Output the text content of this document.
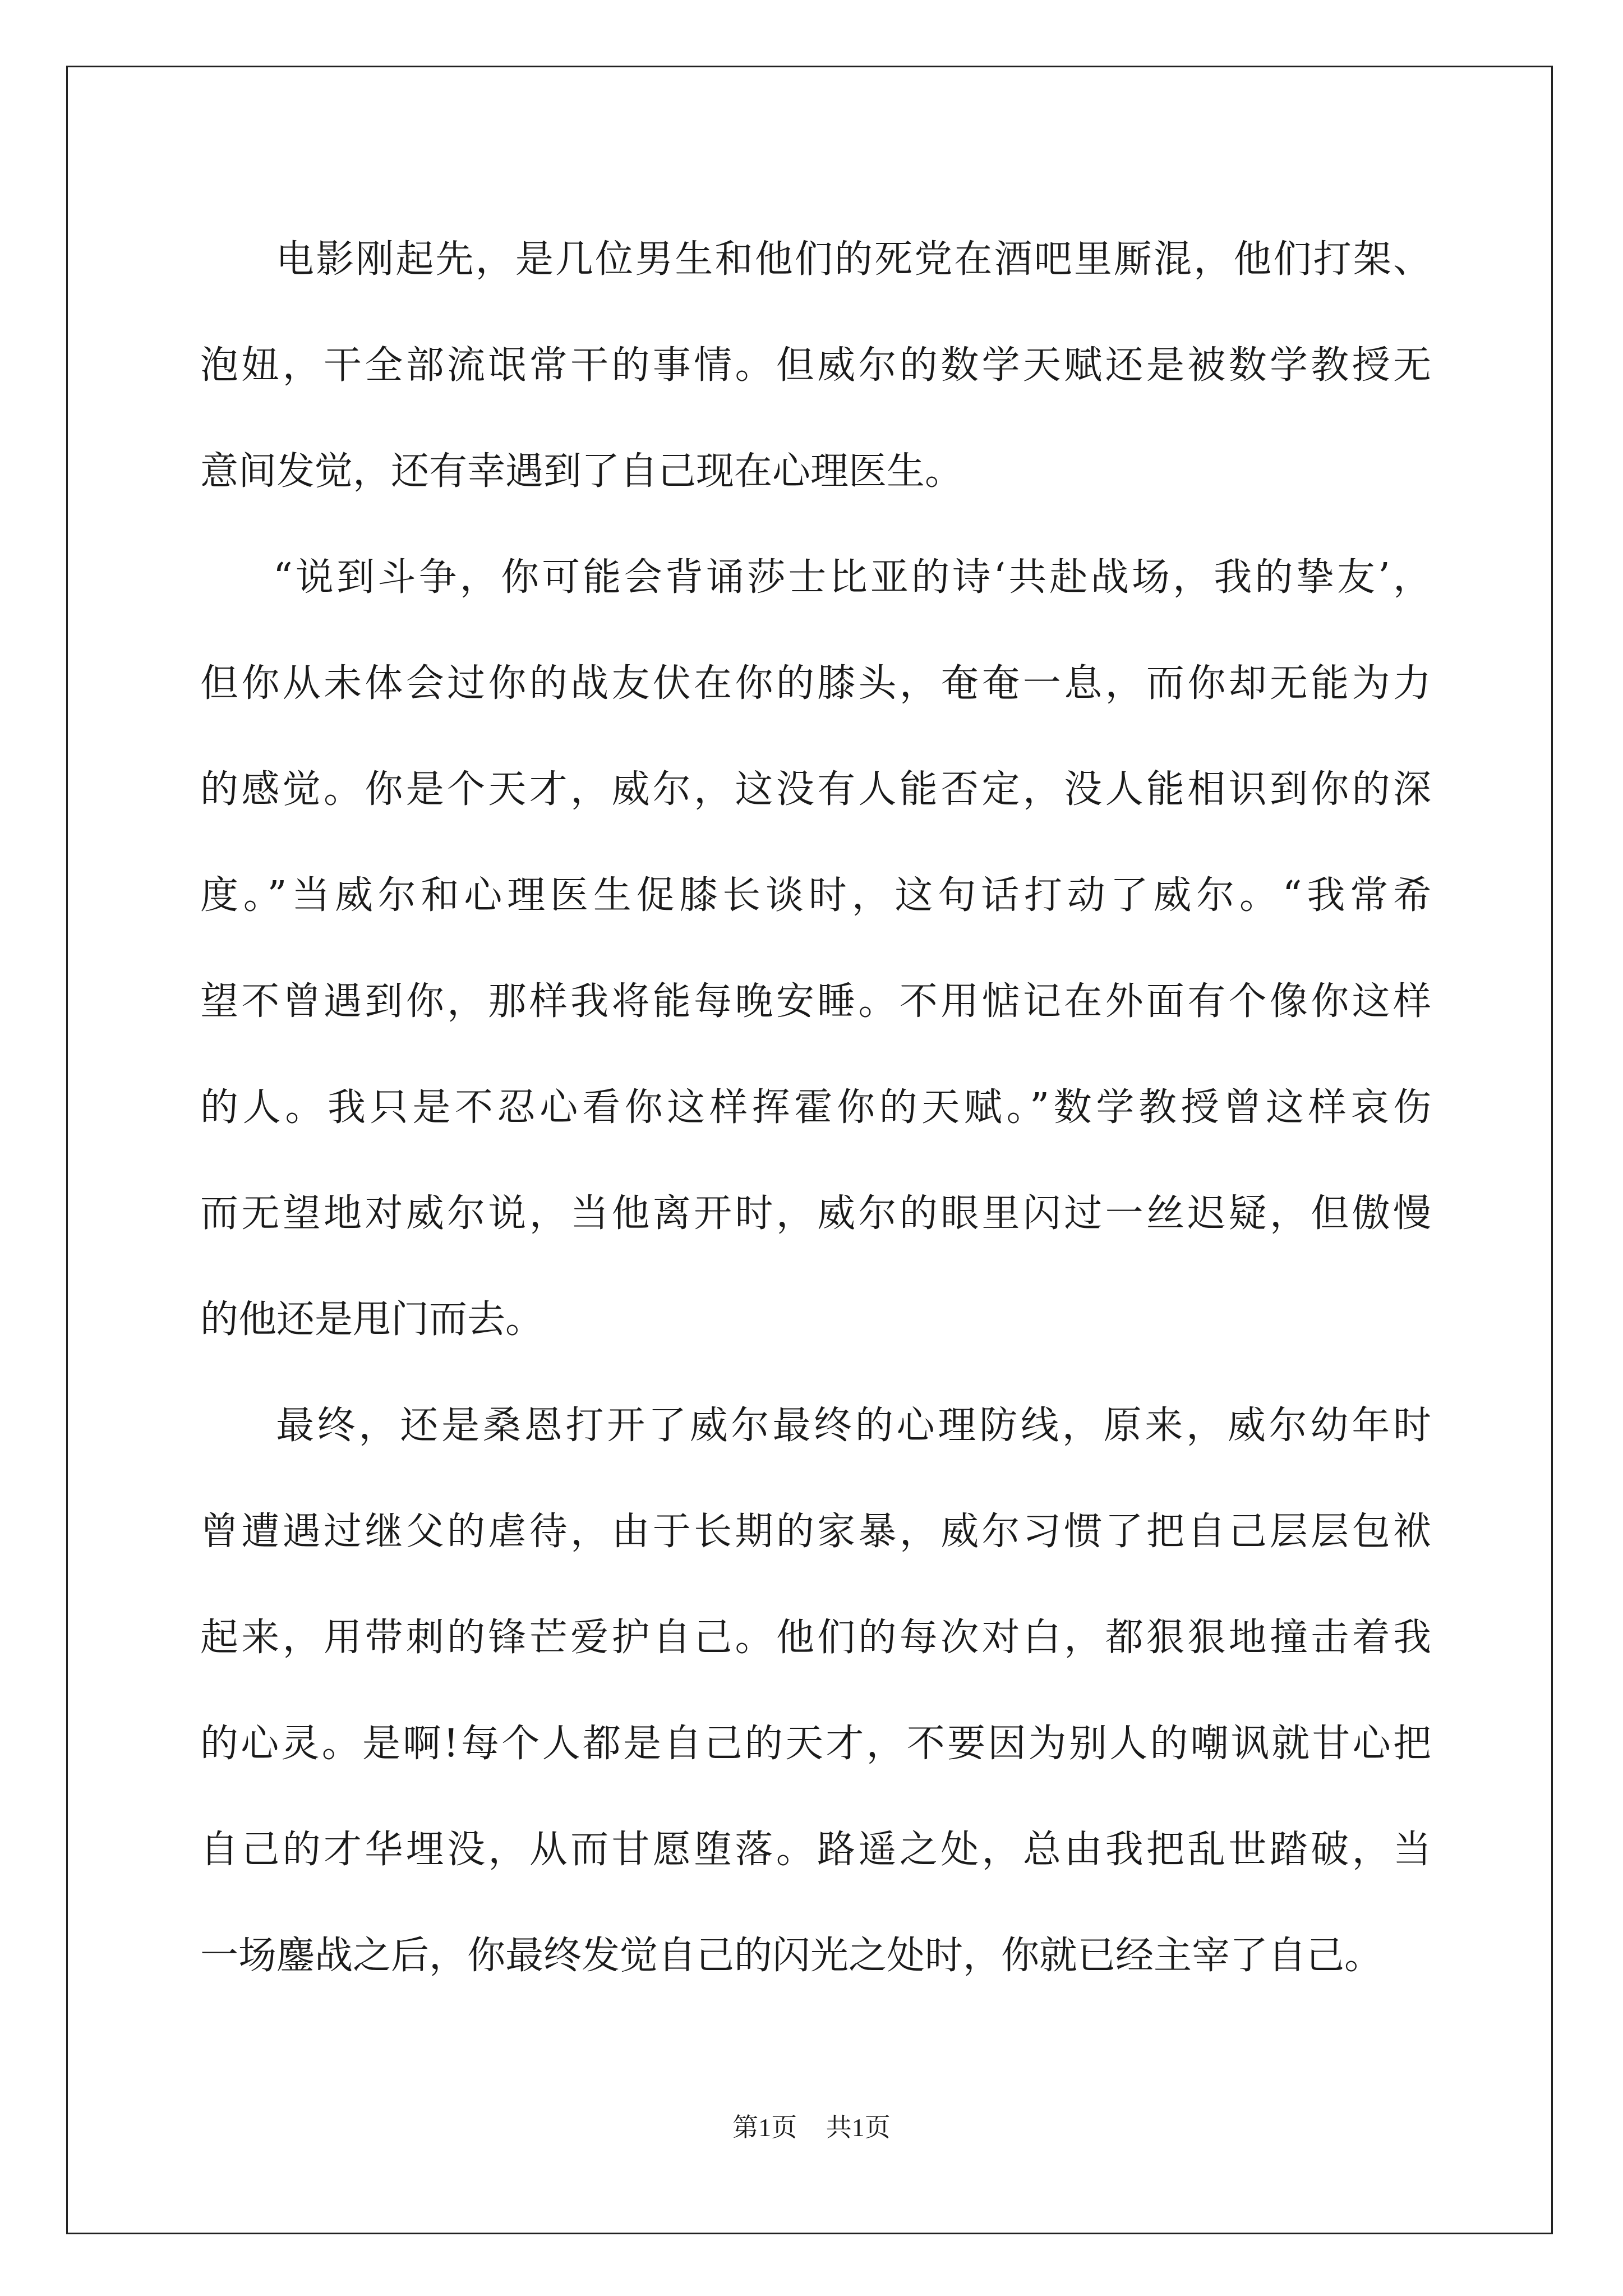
电影刚起先，是几位男生和他们的死党在酒吧里厮混，他们打架、
泡妞，干全部流氓常干的事情。但威尔的数学天赋还是被数学教授无
意间发觉，还有幸遇到了自己现在心理医生。
“说到斗争，你可能会背诵莎士比亚的诗‘共赴战场，我的挚友’，
但你从未体会过你的战友伏在你的膝头，奄奄一息，而你却无能为力
的感觉。你是个天才，威尔，这没有人能否定，没人能相识到你的深
度。”当威尔和心理医生促膝长谈时，这句话打动了威尔。“我常希
望不曾遇到你，那样我将能每晚安睡。不用惦记在外面有个像你这样
的人。我只是不忍心看你这样挥霍你的天赋。”数学教授曾这样哀伤
而无望地对威尔说，当他离开时，威尔的眼里闪过一丝迟疑，但傲慢
的他还是甩门而去。
最终，还是桑恩打开了威尔最终的心理防线，原来，威尔幼年时
曾遭遇过继父的虐待，由于长期的家暴，威尔习惯了把自己层层包袱
起来，用带刺的锋芒爱护自己。他们的每次对白，都狠狠地撞击着我
的心灵。是啊!每个人都是自己的天才，不要因为别人的嘲讽就甘心把
自己的才华埋没，从而甘愿堕落。路遥之处，总由我把乱世踏破，当
一场鏖战之后，你最终发觉自己的闪光之处时，你就已经主宰了自己。
第1页 共1页
